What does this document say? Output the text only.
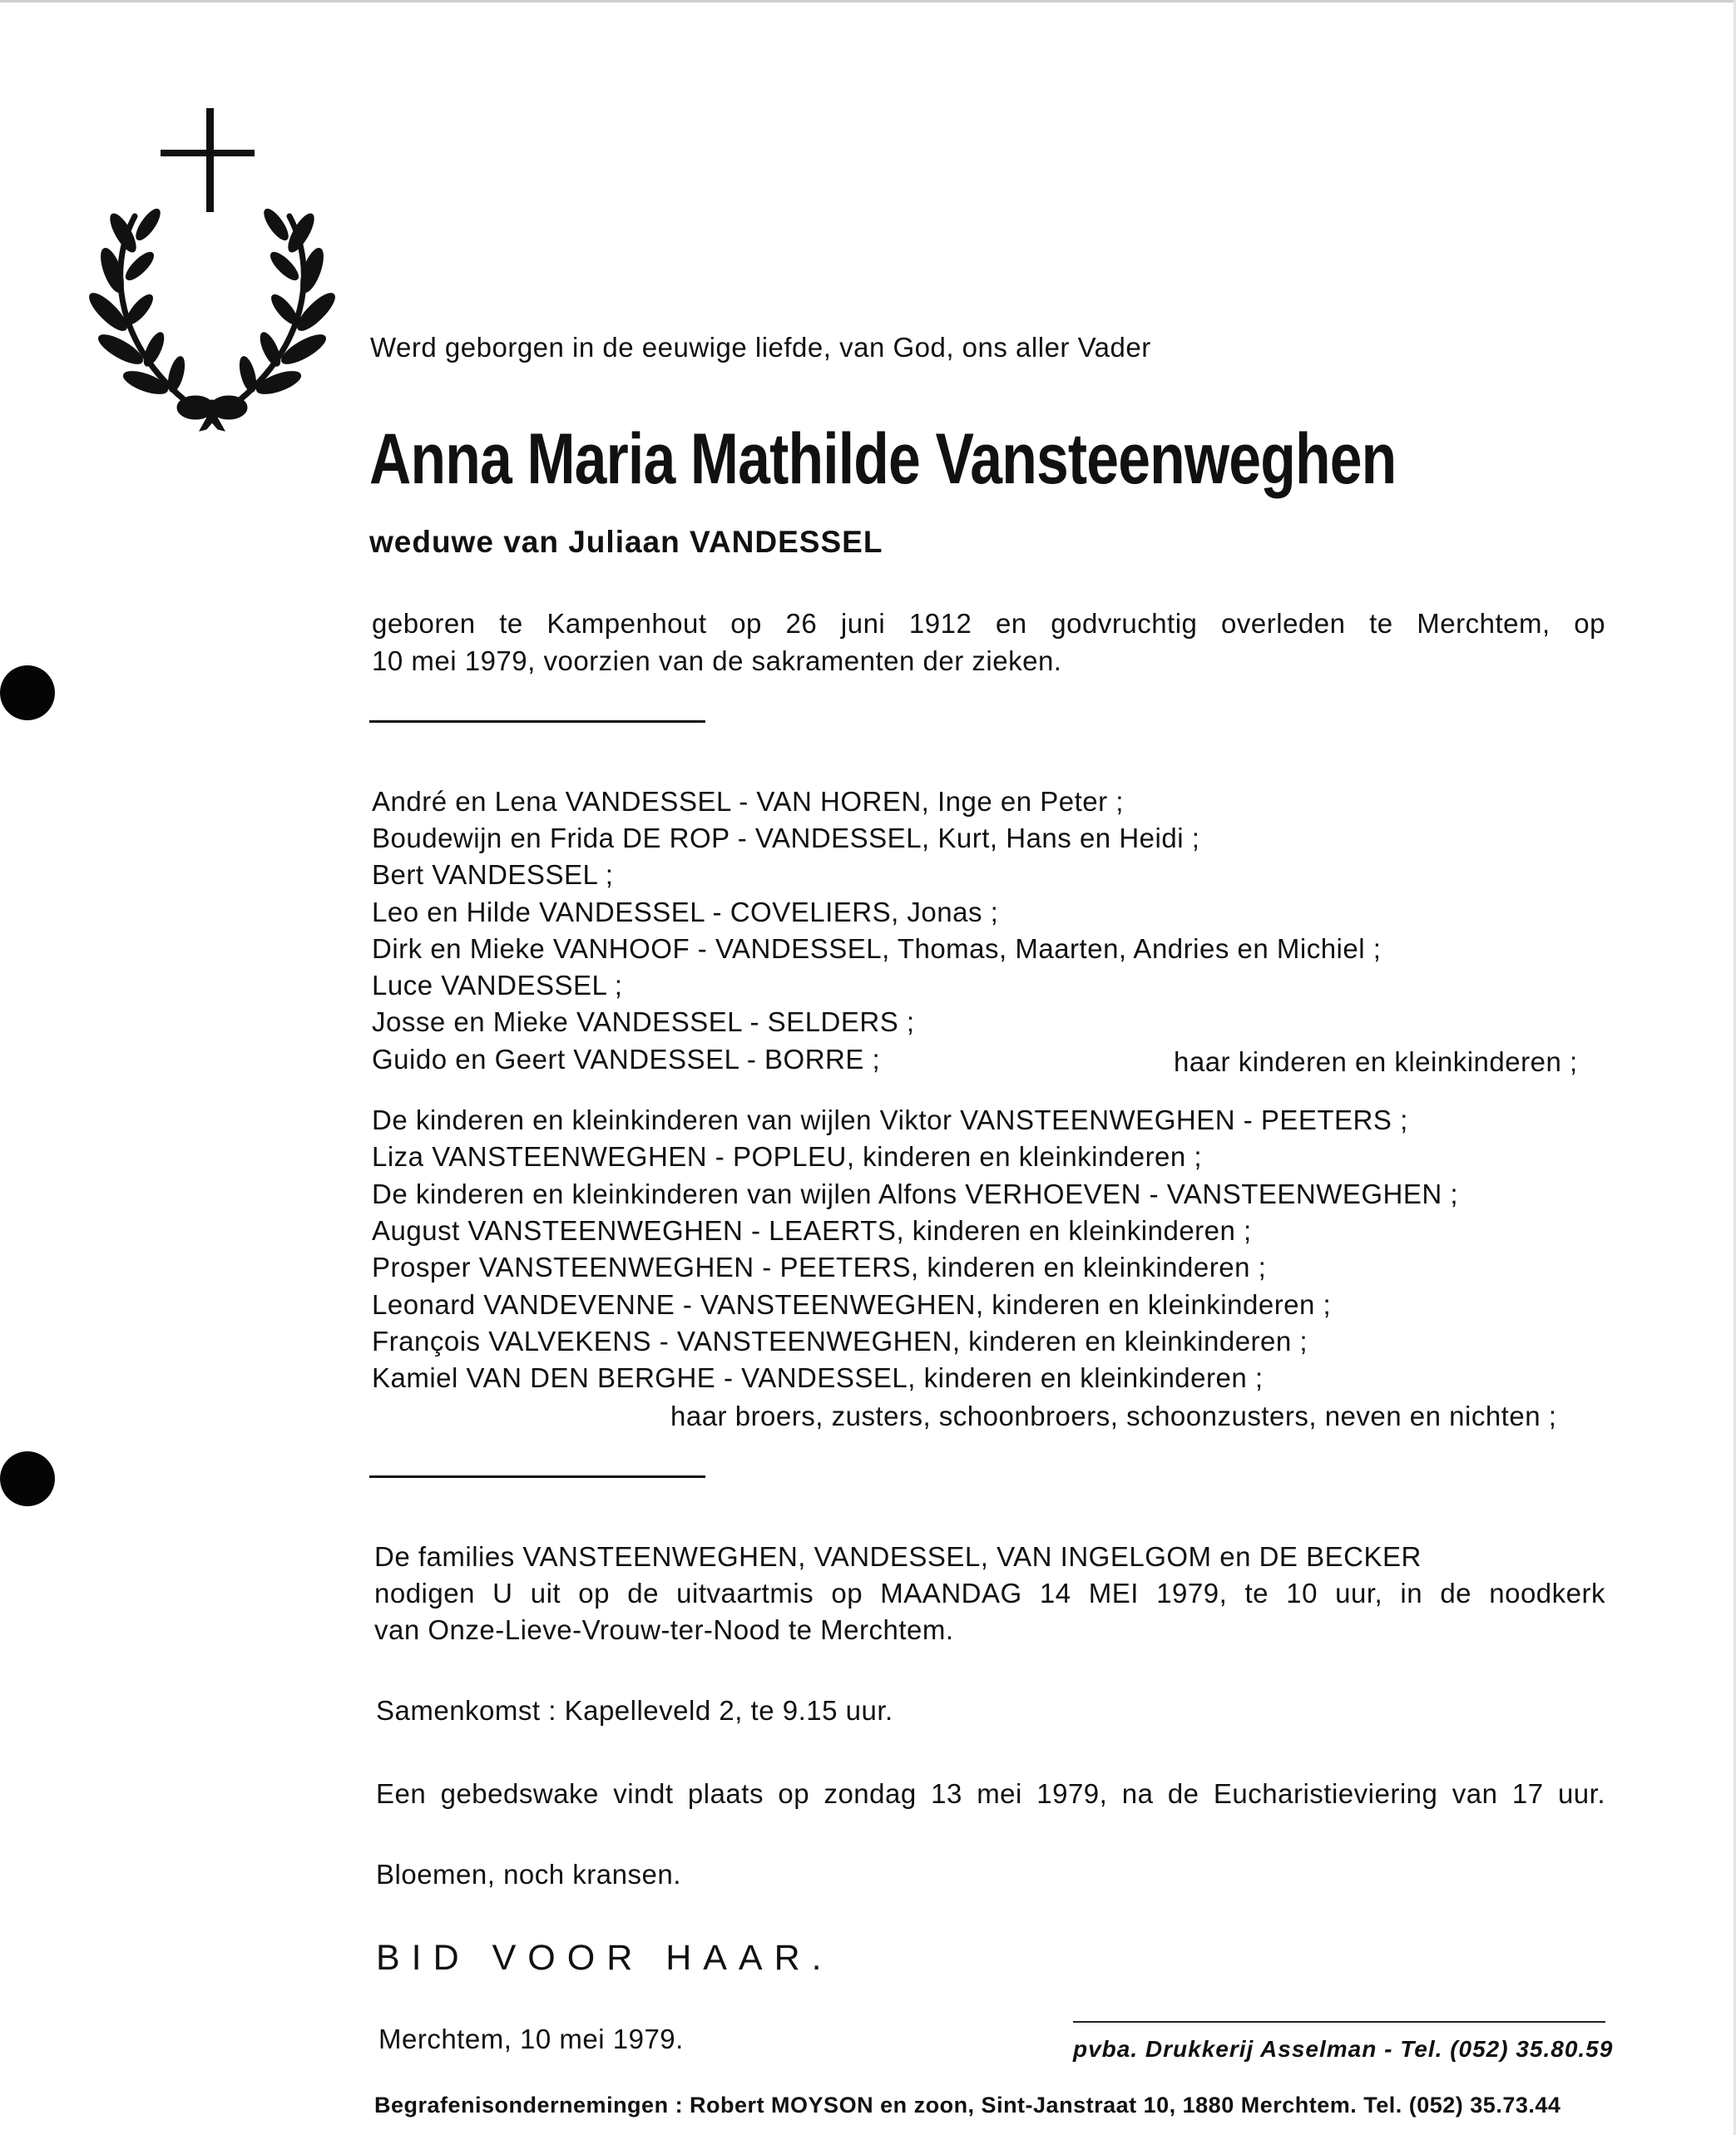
Werd geborgen in de eeuwige liefde, van God, ons aller Vader
Anna Maria Mathilde Vansteenweghen
weduwe van Juliaan VANDESSEL
geboren te Kampenhout op 26 juni 1912 en godvruchtig overleden te Merchtem, op
10 mei 1979, voorzien van de sakramenten der zieken.
André en Lena VANDESSEL - VAN HOREN, Inge en Peter ;
Boudewijn en Frida DE ROP - VANDESSEL, Kurt, Hans en Heidi ;
Bert VANDESSEL ;
Leo en Hilde VANDESSEL - COVELIERS, Jonas ;
Dirk en Mieke VANHOOF - VANDESSEL, Thomas, Maarten, Andries en Michiel ;
Luce VANDESSEL ;
Josse en Mieke VANDESSEL - SELDERS ;
Guido en Geert VANDESSEL - BORRE ;	haar kinderen en kleinkinderen ;
De kinderen en kleinkinderen van wijlen Viktor VANSTEENWEGHEN - PEETERS ;
Liza VANSTEENWEGHEN - POPLEU, kinderen en kleinkinderen ;
De kinderen en kleinkinderen van wijlen Alfons VERHOEVEN - VANSTEENWEGHEN ;
August VANSTEENWEGHEN - LEAERTS, kinderen en kleinkinderen ;
Prosper VANSTEENWEGHEN - PEETERS, kinderen en kleinkinderen ;
Leonard VANDEVENNE - VANSTEENWEGHEN, kinderen en kleinkinderen ;
François VALVEKENS - VANSTEENWEGHEN, kinderen en kleinkinderen ;
Kamiel VAN DEN BERGHE - VANDESSEL, kinderen en kleinkinderen ;
haar broers, zusters, schoonbroers, schoonzusters, neven en nichten ;
De families VANSTEENWEGHEN, VANDESSEL, VAN INGELGOM en DE BECKER
nodigen U uit op de uitvaartmis op MAANDAG 14 MEI 1979, te 10 uur, in de noodkerk
van Onze-Lieve-Vrouw-ter-Nood te Merchtem.
Samenkomst : Kapelleveld 2, te 9.15 uur.
Een gebedswake vindt plaats op zondag 13 mei 1979, na de Eucharistieviering van 17 uur.
Bloemen, noch kransen.
BID VOOR HAAR.
Merchtem, 10 mei 1979.	pvba. Drukkerij Asselman - Tel. (052) 35.80.59
Begrafenisondernemingen : Robert MOYSON en zoon, Sint-Janstraat 10, 1880 Merchtem. Tel. (052) 35.73.44
